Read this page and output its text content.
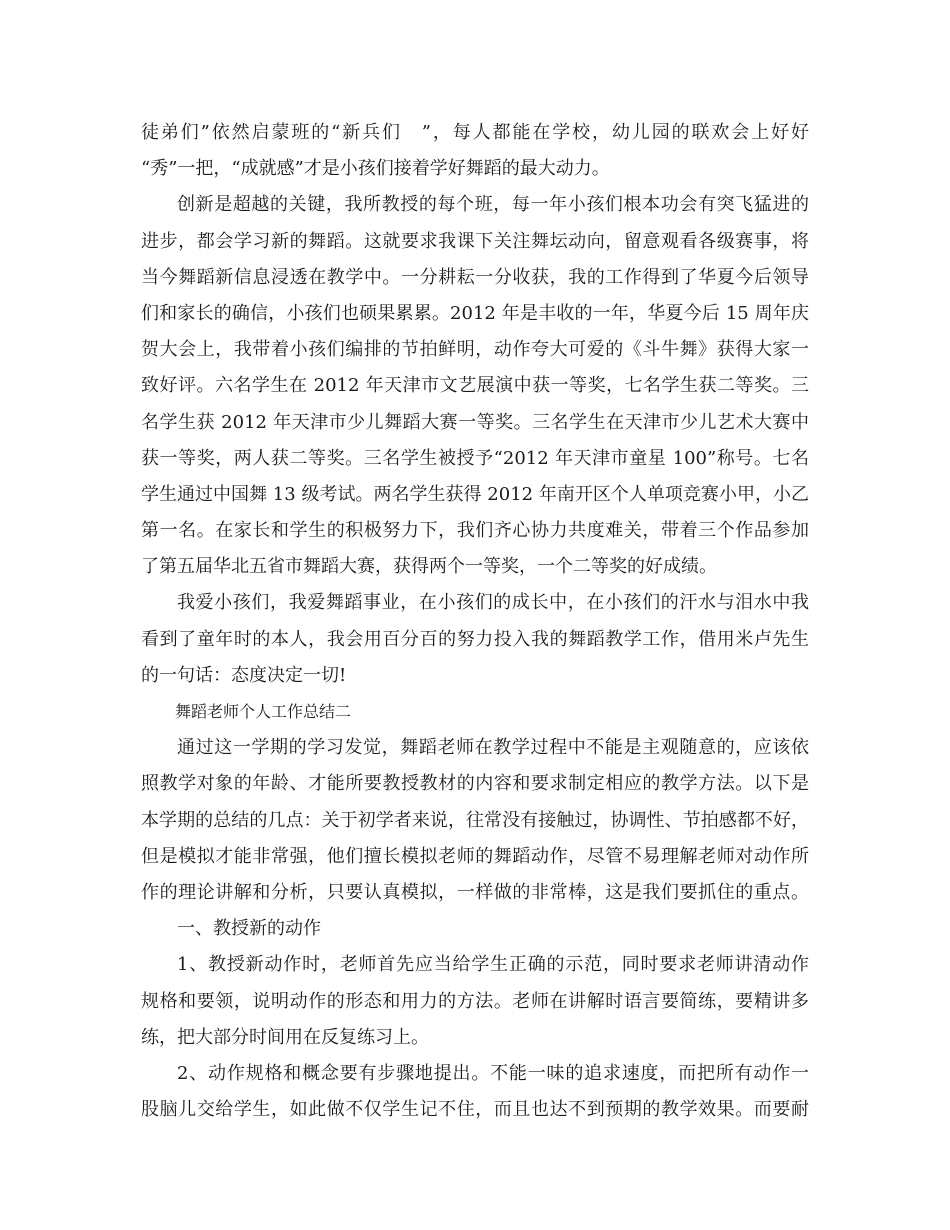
徒弟们”依然启蒙班的“新兵们　”，每人都能在学校，幼儿园的联欢会上好好
“秀”一把，“成就感”才是小孩们接着学好舞蹈的最大动力。
创新是超越的关键，我所教授的每个班，每一年小孩们根本功会有突飞猛进的
进步，都会学习新的舞蹈。这就要求我课下关注舞坛动向，留意观看各级赛事，将
当今舞蹈新信息浸透在教学中。一分耕耘一分收获，我的工作得到了华夏今后领导
们和家长的确信，小孩们也硕果累累。2012 年是丰收的一年，华夏今后 15 周年庆
贺大会上，我带着小孩们编排的节拍鲜明，动作夸大可爱的《斗牛舞》获得大家一
致好评。六名学生在 2012 年天津市文艺展演中获一等奖，七名学生获二等奖。三
名学生获 2012 年天津市少儿舞蹈大赛一等奖。三名学生在天津市少儿艺术大赛中
获一等奖，两人获二等奖。三名学生被授予“2012 年天津市童星 100”称号。七名
学生通过中国舞 13 级考试。两名学生获得 2012 年南开区个人单项竞赛小甲，小乙
第一名。在家长和学生的积极努力下，我们齐心协力共度难关，带着三个作品参加
了第五届华北五省市舞蹈大赛，获得两个一等奖，一个二等奖的好成绩。
我爱小孩们，我爱舞蹈事业，在小孩们的成长中，在小孩们的汗水与泪水中我
看到了童年时的本人，我会用百分百的努力投入我的舞蹈教学工作，借用米卢先生
的一句话：态度决定一切!
舞蹈老师个人工作总结二
通过这一学期的学习发觉，舞蹈老师在教学过程中不能是主观随意的，应该依
照教学对象的年龄、才能所要教授教材的内容和要求制定相应的教学方法。以下是
本学期的总结的几点：关于初学者来说，往常没有接触过，协调性、节拍感都不好，
但是模拟才能非常强，他们擅长模拟老师的舞蹈动作，尽管不易理解老师对动作所
作的理论讲解和分析，只要认真模拟，一样做的非常棒，这是我们要抓住的重点。
一、教授新的动作
1、教授新动作时，老师首先应当给学生正确的示范，同时要求老师讲清动作
规格和要领，说明动作的形态和用力的方法。老师在讲解时语言要简练，要精讲多
练，把大部分时间用在反复练习上。
2、动作规格和概念要有步骤地提出。不能一味的追求速度，而把所有动作一
股脑儿交给学生，如此做不仅学生记不住，而且也达不到预期的教学效果。而要耐
